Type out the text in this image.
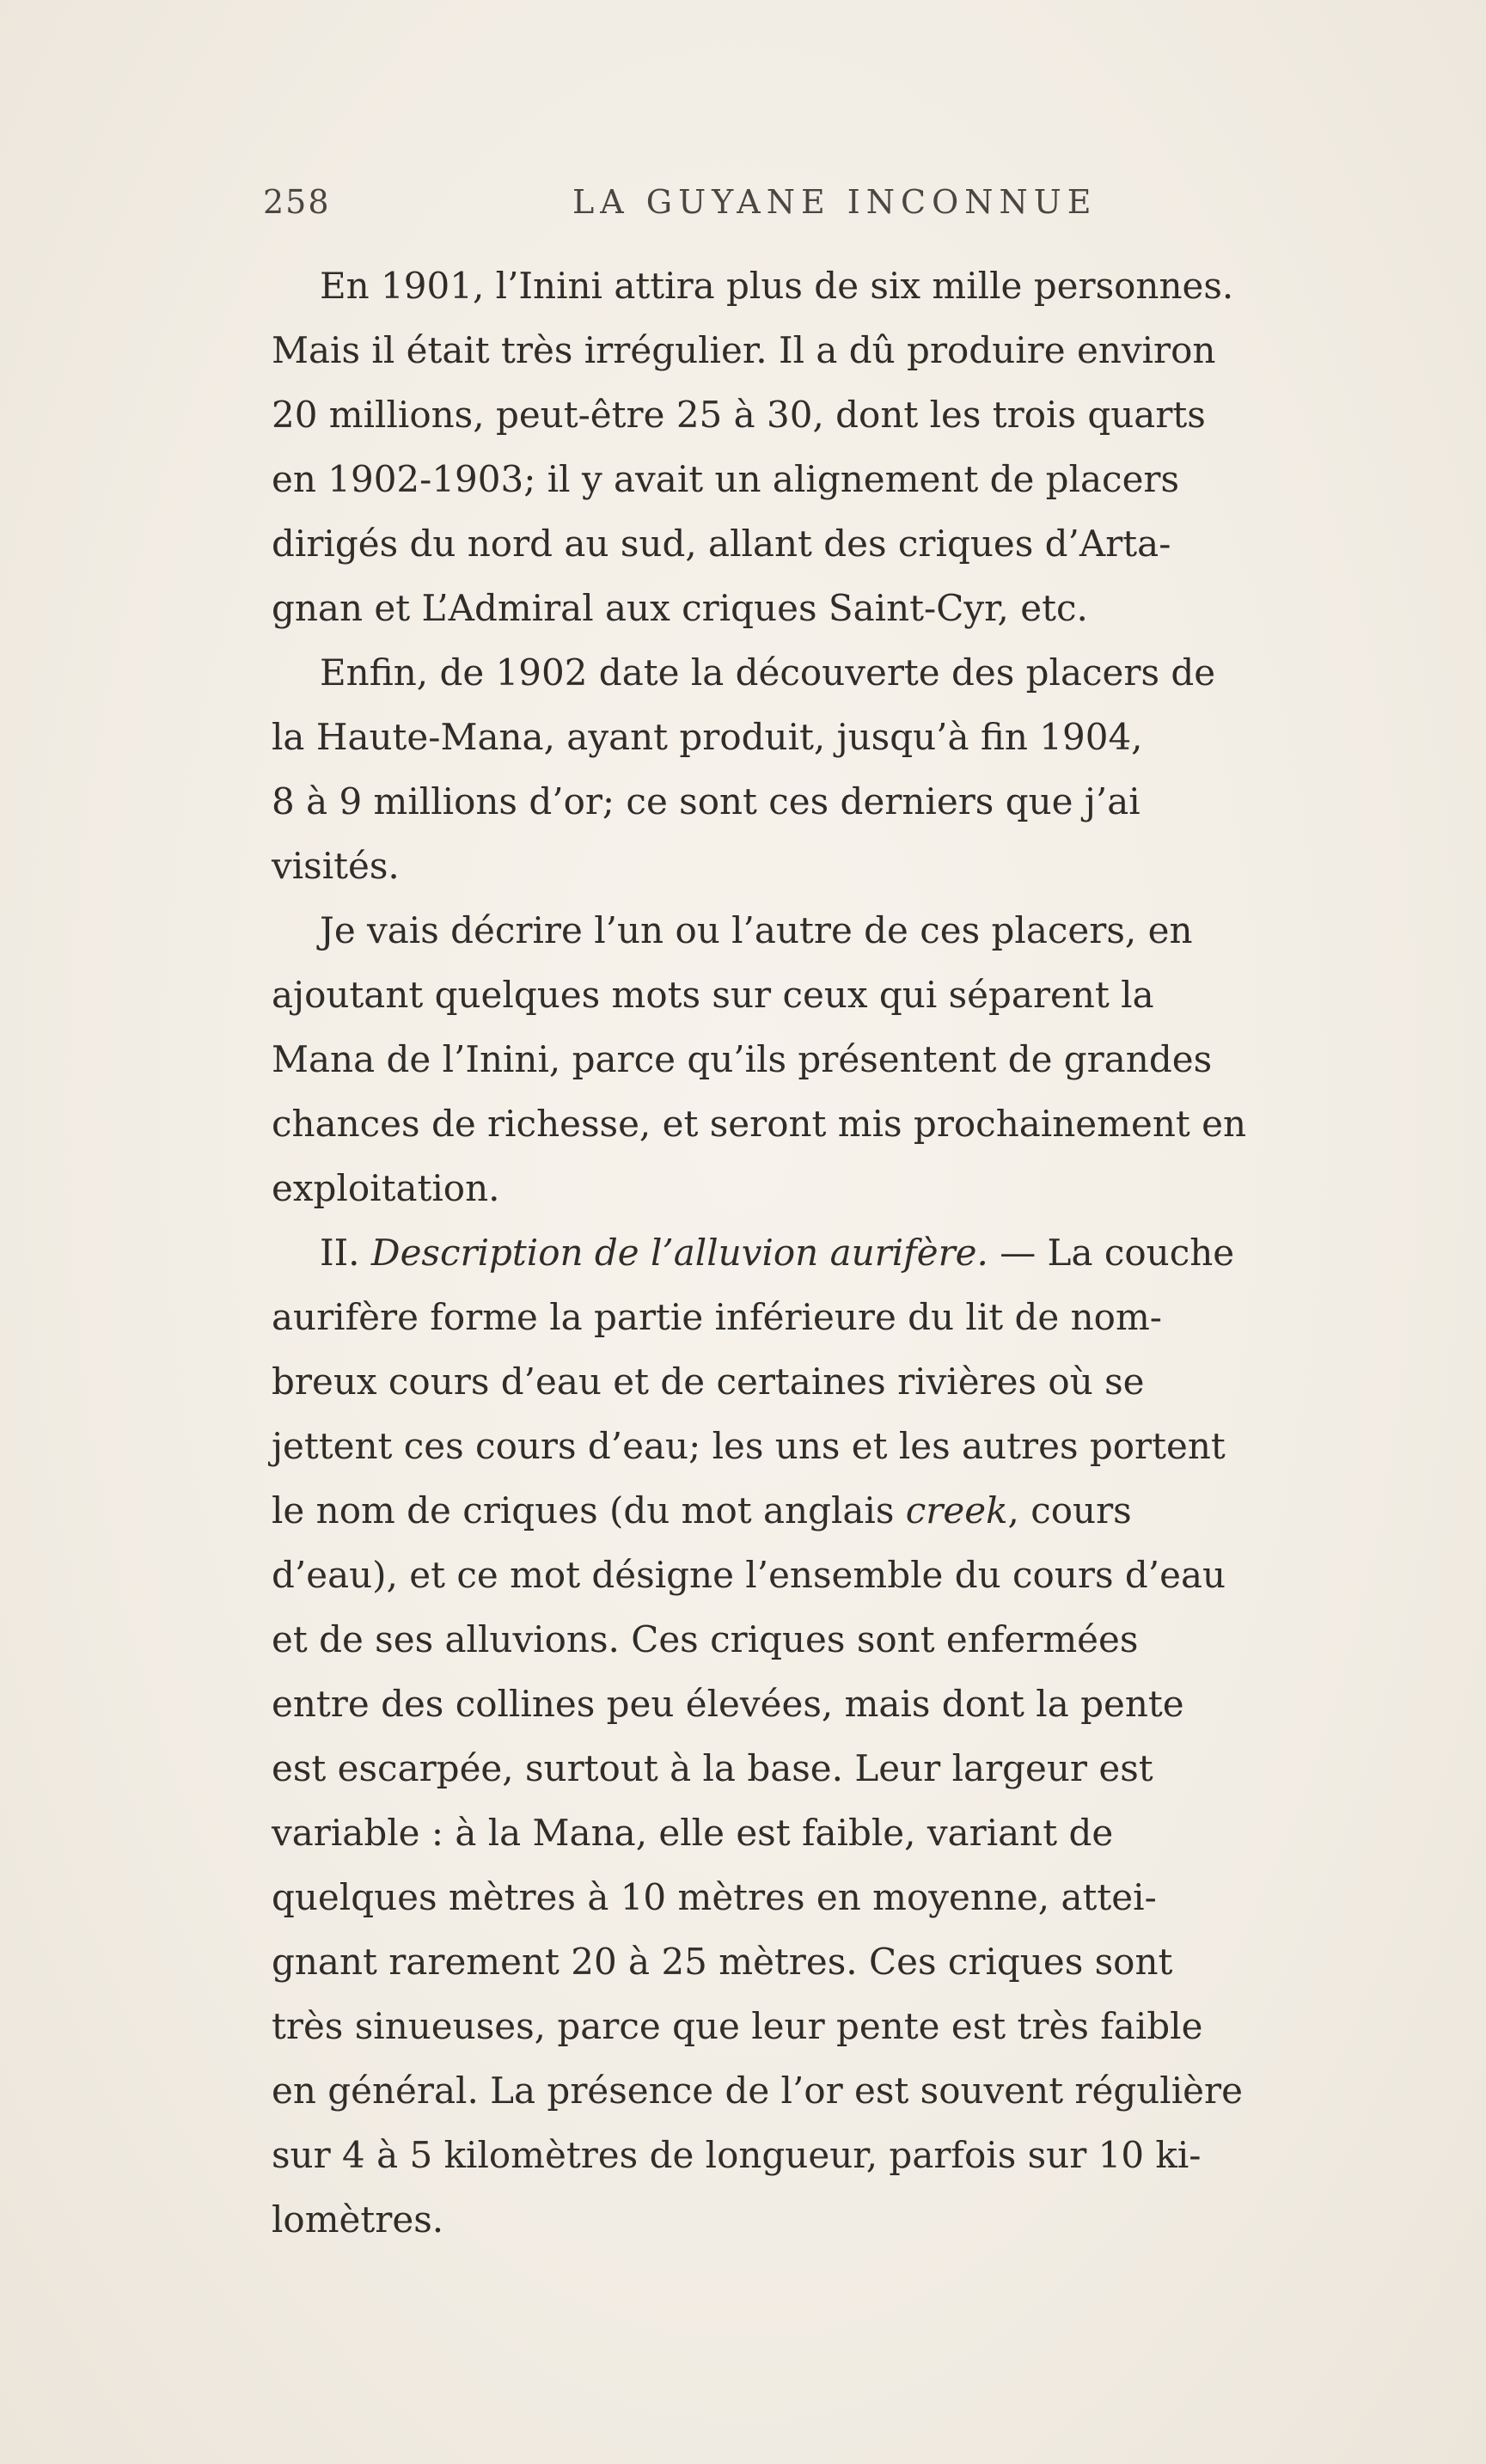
258	LA GUYANE INCONNUE
En 1901, l’Inini attira plus de six mille personnes.
Mais il était très irrégulier. Il a dû produire environ
20 millions, peut-être 25 à 30, dont les trois quarts
en 1902-1903; il y avait un alignement de placers
dirigés du nord au sud, allant des criques d’Arta-
gnan et L’Admiral aux criques Saint-Cyr, etc.
Enfin, de 1902 date la découverte des placers de
la Haute-Mana, ayant produit, jusqu’à fin 1904,
8 à 9 millions d’or; ce sont ces derniers que j’ai
visités.
Je vais décrire l’un ou l’autre de ces placers, en
ajoutant quelques mots sur ceux qui séparent la
Mana de l’Inini, parce qu’ils présentent de grandes
chances de richesse, et seront mis prochainement en
exploitation.
II. Description de l’alluvion aurifère. — La couche
aurifère forme la partie inférieure du lit de nom-
breux cours d’eau et de certaines rivières où se
jettent ces cours d’eau; les uns et les autres portent
le nom de criques (du mot anglais creek, cours
d’eau), et ce mot désigne l’ensemble du cours d’eau
et de ses alluvions. Ces criques sont enfermées
entre des collines peu élevées, mais dont la pente
est escarpée, surtout à la base. Leur largeur est
variable : à la Mana, elle est faible, variant de
quelques mètres à 10 mètres en moyenne, attei-
gnant rarement 20 à 25 mètres. Ces criques sont
très sinueuses, parce que leur pente est très faible
en général. La présence de l’or est souvent régulière
sur 4 à 5 kilomètres de longueur, parfois sur 10 ki-
lomètres.
